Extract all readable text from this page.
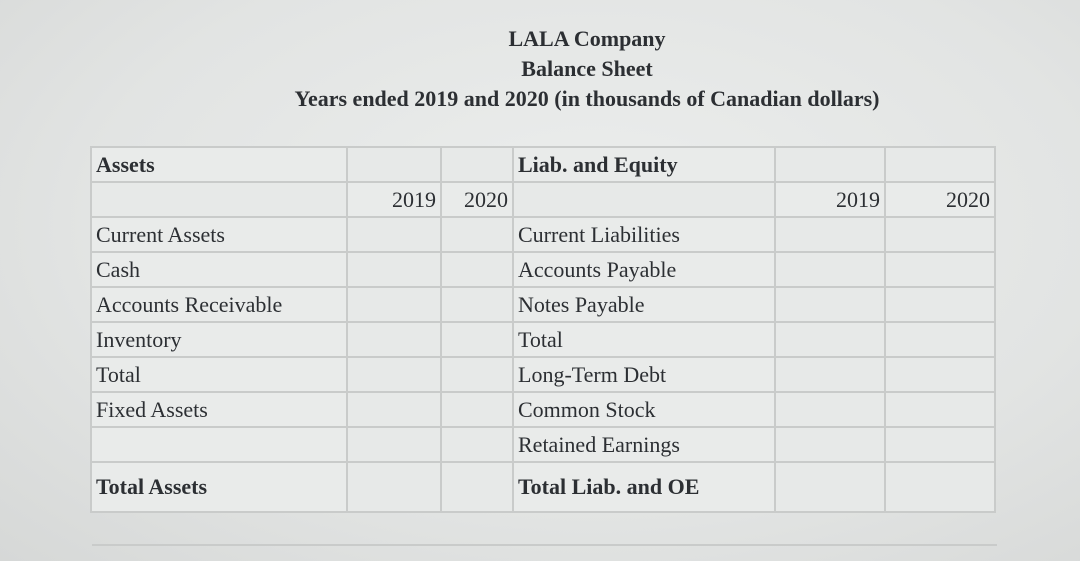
LALA Company
Balance Sheet
Years ended 2019 and 2020 (in thousands of Canadian dollars)
Assets			Liab. and Equity		
	2019	2020		2019	2020
Current Assets			Current Liabilities		
Cash			Accounts Payable		
Accounts Receivable			Notes Payable		
Inventory			Total		
Total			Long-Term Debt		
Fixed Assets			Common Stock		
			Retained Earnings		
Total Assets			Total Liab. and OE		
